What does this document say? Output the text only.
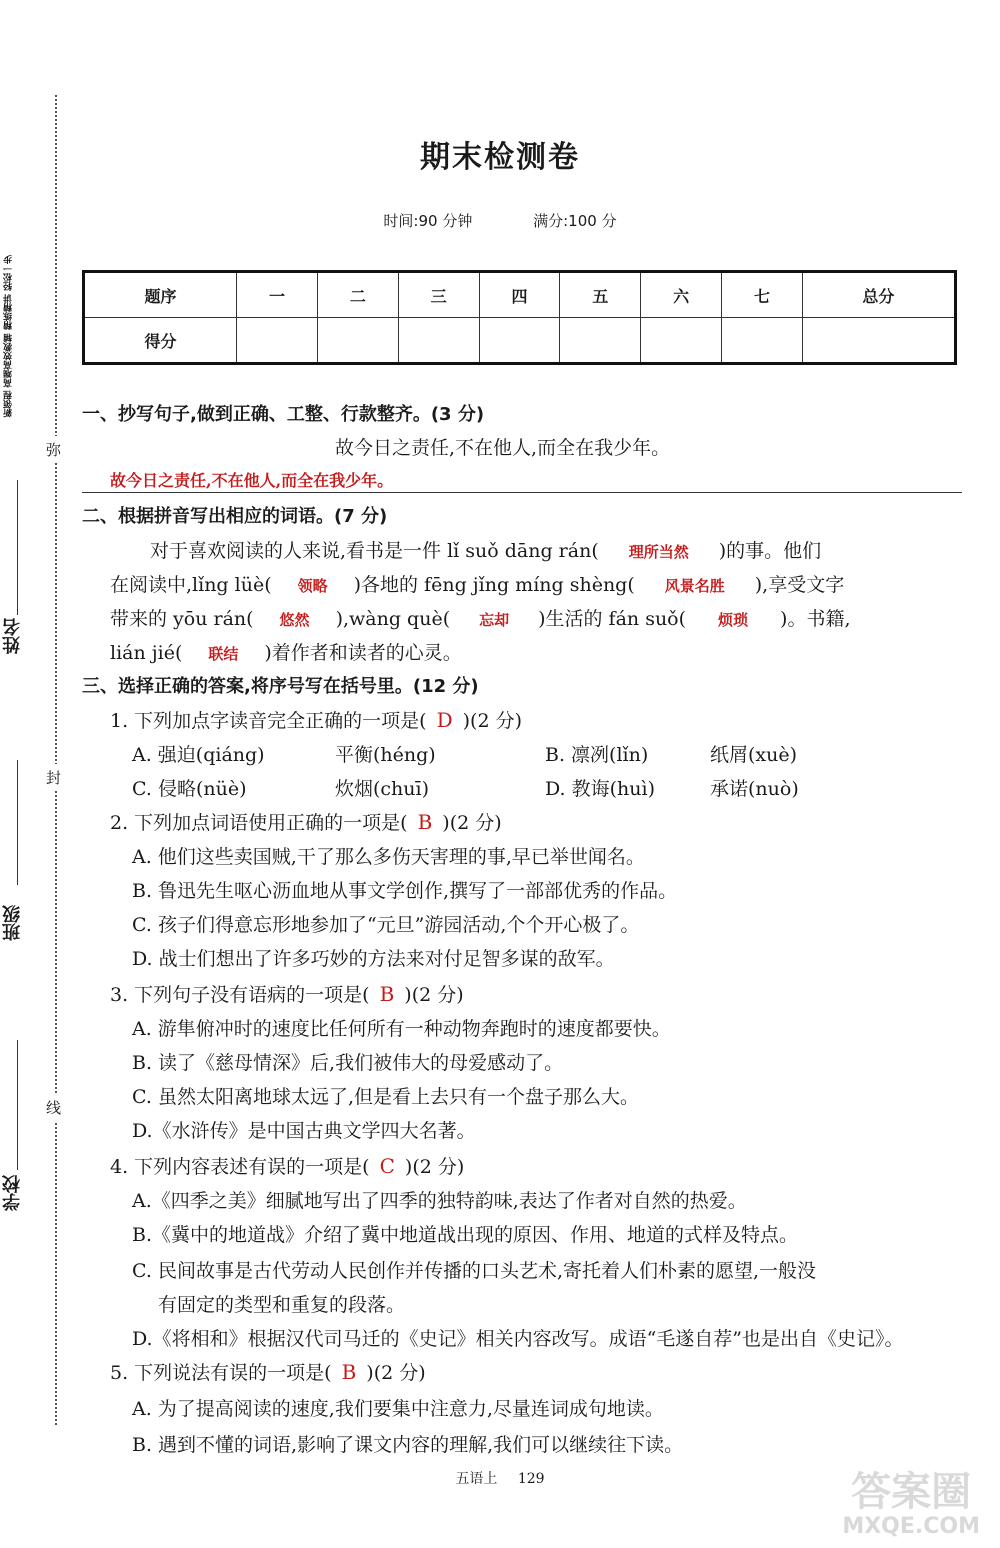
弥
封
线
新领程 高端高效教辅 精练精讲 轻松一步
姓名
班级
学校
期末检测卷
时间:90 分钟	满分:100 分
题序	一	二	三	四	五	六	七	总分
得分								
一、抄写句子,做到正确、工整、行款整齐。(3 分)
故今日之责任,不在他人,而全在我少年。
故今日之责任,不在他人,而全在我少年。
二、根据拼音写出相应的词语。(7 分)
对于喜欢阅读的人来说,看书是一件 lǐ suǒ dāng rán( 理所当然 )的事。他们
在阅读中,lǐng lüè( 领略 )各地的 fēng jǐng míng shèng( 风景名胜 ),享受文字
带来的 yōu rán( 悠然 ),wàng què( 忘却 )生活的 fán suǒ( 烦琐 )。书籍,
lián jié( 联结 )着作者和读者的心灵。
三、选择正确的答案,将序号写在括号里。(12 分)
1. 下列加点字读音完全正确的一项是( D )(2 分)
A. 强迫(qiáng)	平衡(héng)	B. 凛冽(lǐn)	纸屑(xuè)
C. 侵略(nüè)	炊烟(chuī)	D. 教诲(huì)	承诺(nuò)
2. 下列加点词语使用正确的一项是( B )(2 分)
A. 他们这些卖国贼,干了那么多伤天害理的事,早已举世闻名。
B. 鲁迅先生呕心沥血地从事文学创作,撰写了一部部优秀的作品。
C. 孩子们得意忘形地参加了“元旦”游园活动,个个开心极了。
D. 战士们想出了许多巧妙的方法来对付足智多谋的敌军。
3. 下列句子没有语病的一项是( B )(2 分)
A. 游隼俯冲时的速度比任何所有一种动物奔跑时的速度都要快。
B. 读了《慈母情深》后,我们被伟大的母爱感动了。
C. 虽然太阳离地球太远了,但是看上去只有一个盘子那么大。
D.《水浒传》是中国古典文学四大名著。
4. 下列内容表述有误的一项是( C )(2 分)
A.《四季之美》细腻地写出了四季的独特韵味,表达了作者对自然的热爱。
B.《冀中的地道战》介绍了冀中地道战出现的原因、作用、地道的式样及特点。
C. 民间故事是古代劳动人民创作并传播的口头艺术,寄托着人们朴素的愿望,一般没
有固定的类型和重复的段落。
D.《将相和》根据汉代司马迁的《史记》相关内容改写。成语“毛遂自荐”也是出自《史记》。
5. 下列说法有误的一项是( B )(2 分)
A. 为了提高阅读的速度,我们要集中注意力,尽量连词成句地读。
B. 遇到不懂的词语,影响了课文内容的理解,我们可以继续往下读。
五语上 129	答案圈
MXQE.COM
